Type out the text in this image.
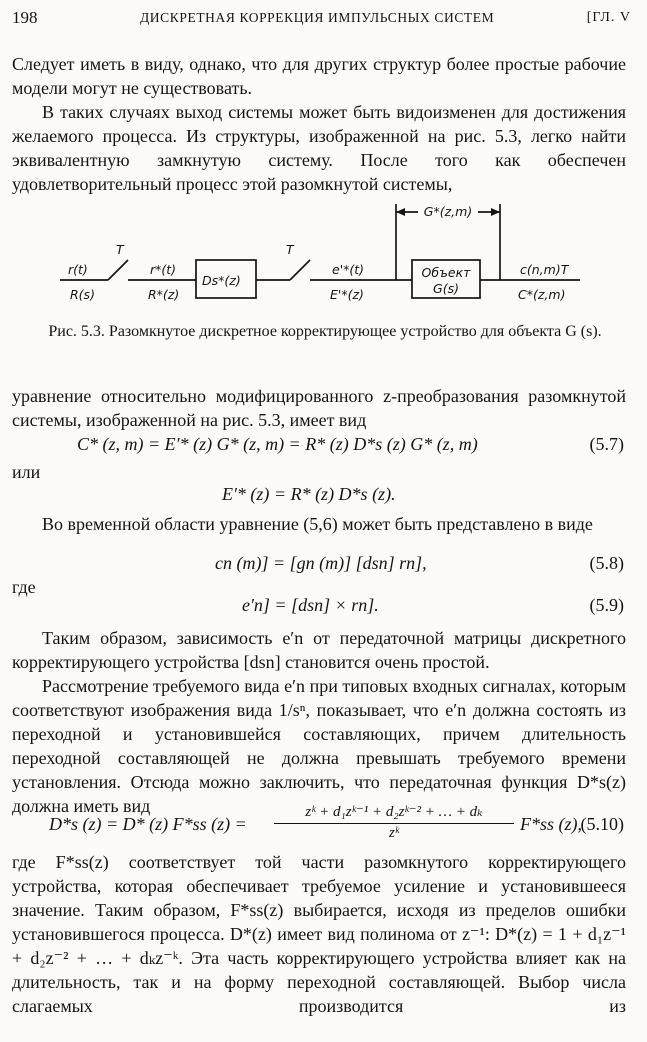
198	ДИСКРЕТНАЯ КОРРЕКЦИЯ ИМПУЛЬСНЫХ СИСТЕМ	[ГЛ. V

Следует иметь в виду, однако, что для других структур более простые рабочие модели могут не существовать.

В таких случаях выход системы может быть видоизменен для достижения желаемого процесса. Из структуры, изображенной на рис. 5.3, легко найти эквивалентную замкнутую систему. После того как обеспечен удовлетворительный процесс этой разомкнутой системы,

r(t)
R(s)
T
r*(t)
R*(z)
Ds*(z)
T
e'*(t)
E'*(z)
Объект
G(s)
c(n,m)T
C*(z,m)
G*(z,m)
Рис. 5.3. Разомкнутое дискретное корректирующее устройство для объекта G (s).

уравнение относительно модифицированного z-преобразования разомкнутой системы, изображенной на рис. 5.3, имеет вид

C* (z, m) = E′* (z) G* (z, m) = R* (z) D*s (z) G* (z, m)	(5.7)
или
E′* (z) = R* (z) D*s (z).

Во временной области уравнение (5,6) может быть представлено в виде

cn (m)] = [gn (m)] [dsn] rn],	(5.8)
где
e′n] = [dsn] × rn].	(5.9)

Таким образом, зависимость e′n от передаточной матрицы дискретного корректирующего устройства [dsn] становится очень простой.

Рассмотрение требуемого вида e′n при типовых входных сигналах, которым соответствуют изображения вида 1/sⁿ, показывает, что e′n должна состоять из переходной и установившейся составляющих, причем длительность переходной составляющей не должна превышать требуемого времени установления. Отсюда можно заключить, что передаточная функция D*s(z) должна иметь вид

D*s (z) = D* (z) F*ss $(z) = \frac{\text{zᵏ + d₁zᵏ⁻¹ + d₂zᵏ⁻² + … + dₖ}}{\text{zᵏ}} F*ss$ (z),
(5.10)

где F*ss(z) соответствует той части разомкнутого корректирующего устройства, которая обеспечивает требуемое усиление и установившееся значение. Таким образом, F*ss(z) выбирается, исходя из пределов ошибки установившегося процесса. D*(z) имеет вид полинома от z⁻¹: D*(z) = 1 + d₁z⁻¹ + d₂z⁻² + … + dₖz⁻ᵏ. Эта часть корректирующего устройства влияет как на длительность, так и на форму переходной составляющей. Выбор числа слагаемых производится из
